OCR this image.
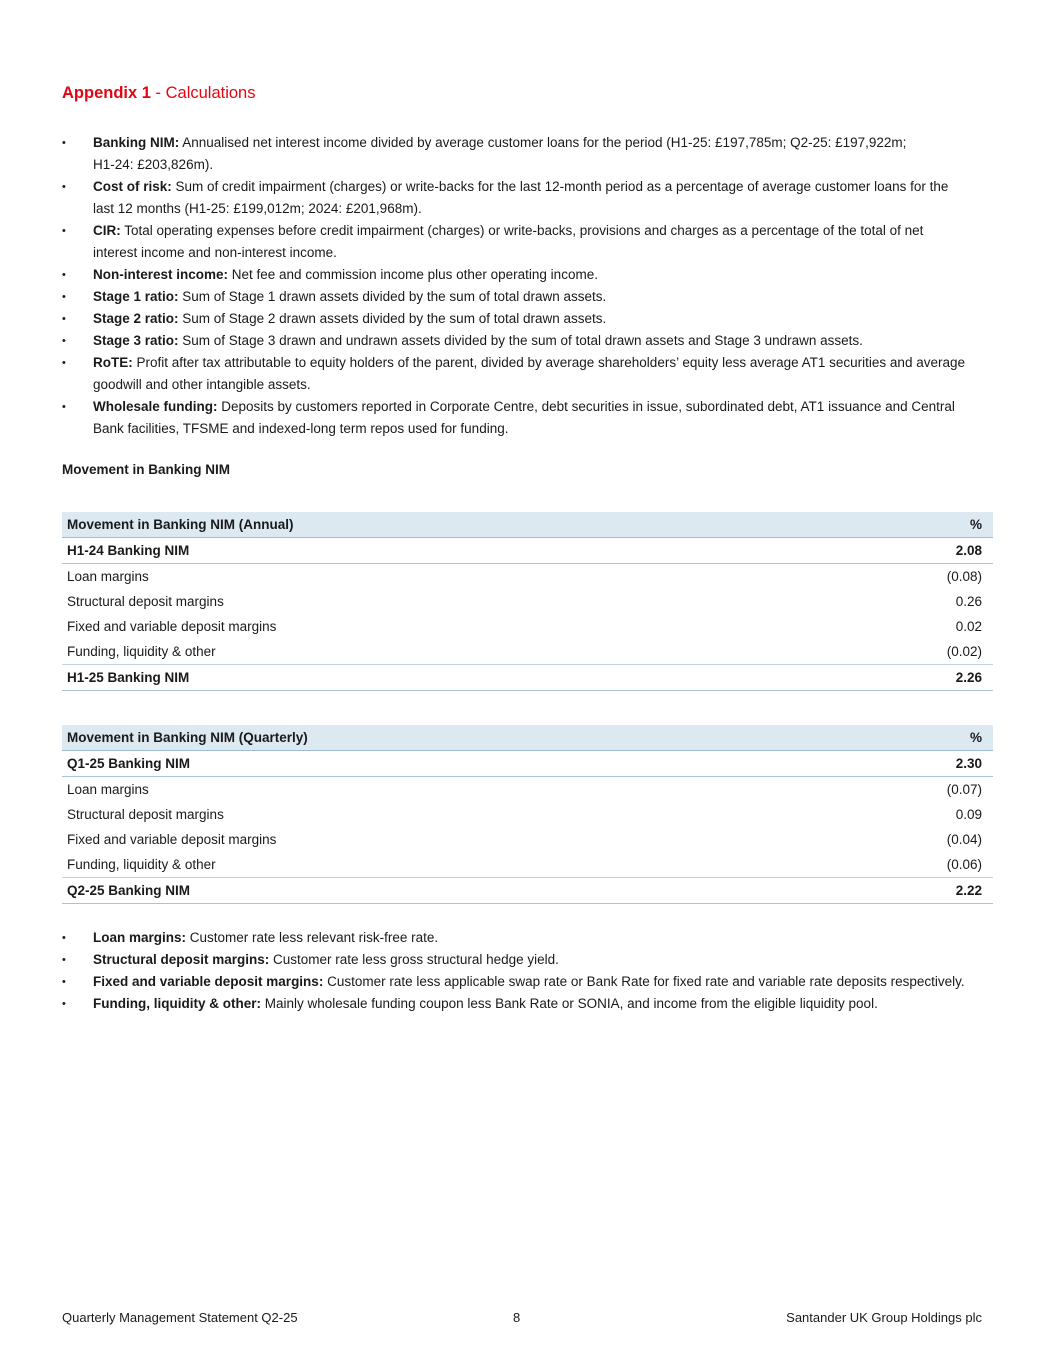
Appendix 1 - Calculations
• Banking NIM: Annualised net interest income divided by average customer loans for the period (H1-25: £197,785m; Q2-25: £197,922m;
H1-24: £203,826m).
• Cost of risk: Sum of credit impairment (charges) or write-backs for the last 12-month period as a percentage of average customer loans for the
last 12 months (H1-25: £199,012m; 2024: £201,968m).
• CIR: Total operating expenses before credit impairment (charges) or write-backs, provisions and charges as a percentage of the total of net
interest income and non-interest income.
• Non-interest income: Net fee and commission income plus other operating income.
• Stage 1 ratio: Sum of Stage 1 drawn assets divided by the sum of total drawn assets.
• Stage 2 ratio: Sum of Stage 2 drawn assets divided by the sum of total drawn assets.
• Stage 3 ratio: Sum of Stage 3 drawn and undrawn assets divided by the sum of total drawn assets and Stage 3 undrawn assets.
• RoTE: Profit after tax attributable to equity holders of the parent, divided by average shareholders’ equity less average AT1 securities and average
goodwill and other intangible assets.
• Wholesale funding: Deposits by customers reported in Corporate Centre, debt securities in issue, subordinated debt, AT1 issuance and Central
Bank facilities, TFSME and indexed-long term repos used for funding.
Movement in Banking NIM
Movement in Banking NIM (Annual)	%
H1-24 Banking NIM	2.08
Loan margins	(0.08)
Structural deposit margins	0.26
Fixed and variable deposit margins	0.02
Funding, liquidity & other	(0.02)
H1-25 Banking NIM	2.26
Movement in Banking NIM (Quarterly)	%
Q1-25 Banking NIM	2.30
Loan margins	(0.07)
Structural deposit margins	0.09
Fixed and variable deposit margins	(0.04)
Funding, liquidity & other	(0.06)
Q2-25 Banking NIM	2.22
• Loan margins: Customer rate less relevant risk-free rate.
• Structural deposit margins: Customer rate less gross structural hedge yield.
• Fixed and variable deposit margins: Customer rate less applicable swap rate or Bank Rate for fixed rate and variable rate deposits respectively.
• Funding, liquidity & other: Mainly wholesale funding coupon less Bank Rate or SONIA, and income from the eligible liquidity pool.
Quarterly Management Statement Q2-25	8	Santander UK Group Holdings plc
